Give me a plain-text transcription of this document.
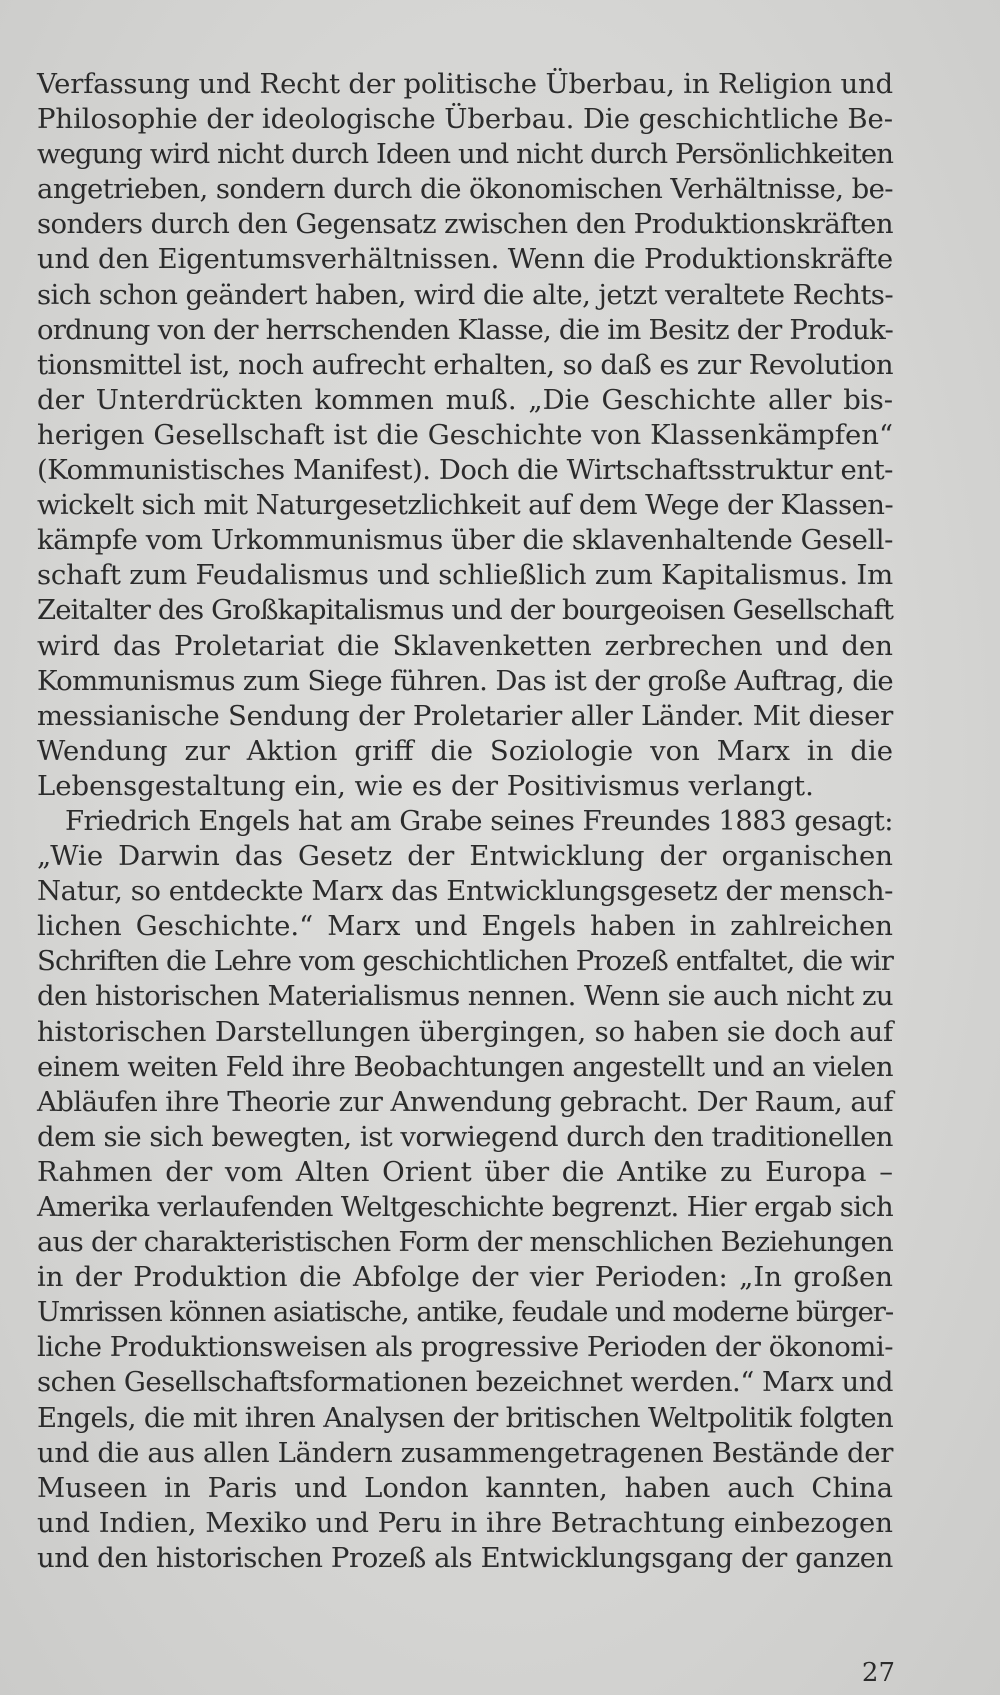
Verfassung und Recht der politische Überbau, in Religion und
Philosophie der ideologische Überbau. Die geschichtliche Be-
wegung wird nicht durch Ideen und nicht durch Persönlichkeiten
angetrieben, sondern durch die ökonomischen Verhältnisse, be-
sonders durch den Gegensatz zwischen den Produktionskräften
und den Eigentumsverhältnissen. Wenn die Produktionskräfte
sich schon geändert haben, wird die alte, jetzt veraltete Rechts-
ordnung von der herrschenden Klasse, die im Besitz der Produk-
tionsmittel ist, noch aufrecht erhalten, so daß es zur Revolution
der Unterdrückten kommen muß. „Die Geschichte aller bis-
herigen Gesellschaft ist die Geschichte von Klassenkämpfen“
(Kommunistisches Manifest). Doch die Wirtschaftsstruktur ent-
wickelt sich mit Naturgesetzlichkeit auf dem Wege der Klassen-
kämpfe vom Urkommunismus über die sklavenhaltende Gesell-
schaft zum Feudalismus und schließlich zum Kapitalismus. Im
Zeitalter des Großkapitalismus und der bourgeoisen Gesellschaft
wird das Proletariat die Sklavenketten zerbrechen und den
Kommunismus zum Siege führen. Das ist der große Auftrag, die
messianische Sendung der Proletarier aller Länder. Mit dieser
Wendung zur Aktion griff die Soziologie von Marx in die
Lebensgestaltung ein, wie es der Positivismus verlangt.
Friedrich Engels hat am Grabe seines Freundes 1883 gesagt:
„Wie Darwin das Gesetz der Entwicklung der organischen
Natur, so entdeckte Marx das Entwicklungsgesetz der mensch-
lichen Geschichte.“ Marx und Engels haben in zahlreichen
Schriften die Lehre vom geschichtlichen Prozeß entfaltet, die wir
den historischen Materialismus nennen. Wenn sie auch nicht zu
historischen Darstellungen übergingen, so haben sie doch auf
einem weiten Feld ihre Beobachtungen angestellt und an vielen
Abläufen ihre Theorie zur Anwendung gebracht. Der Raum, auf
dem sie sich bewegten, ist vorwiegend durch den traditionellen
Rahmen der vom Alten Orient über die Antike zu Europa –
Amerika verlaufenden Weltgeschichte begrenzt. Hier ergab sich
aus der charakteristischen Form der menschlichen Beziehungen
in der Produktion die Abfolge der vier Perioden: „In großen
Umrissen können asiatische, antike, feudale und moderne bürger-
liche Produktionsweisen als progressive Perioden der ökonomi-
schen Gesellschaftsformationen bezeichnet werden.“ Marx und
Engels, die mit ihren Analysen der britischen Weltpolitik folgten
und die aus allen Ländern zusammengetragenen Bestände der
Museen in Paris und London kannten, haben auch China
und Indien, Mexiko und Peru in ihre Betrachtung einbezogen
und den historischen Prozeß als Entwicklungsgang der ganzen
27
